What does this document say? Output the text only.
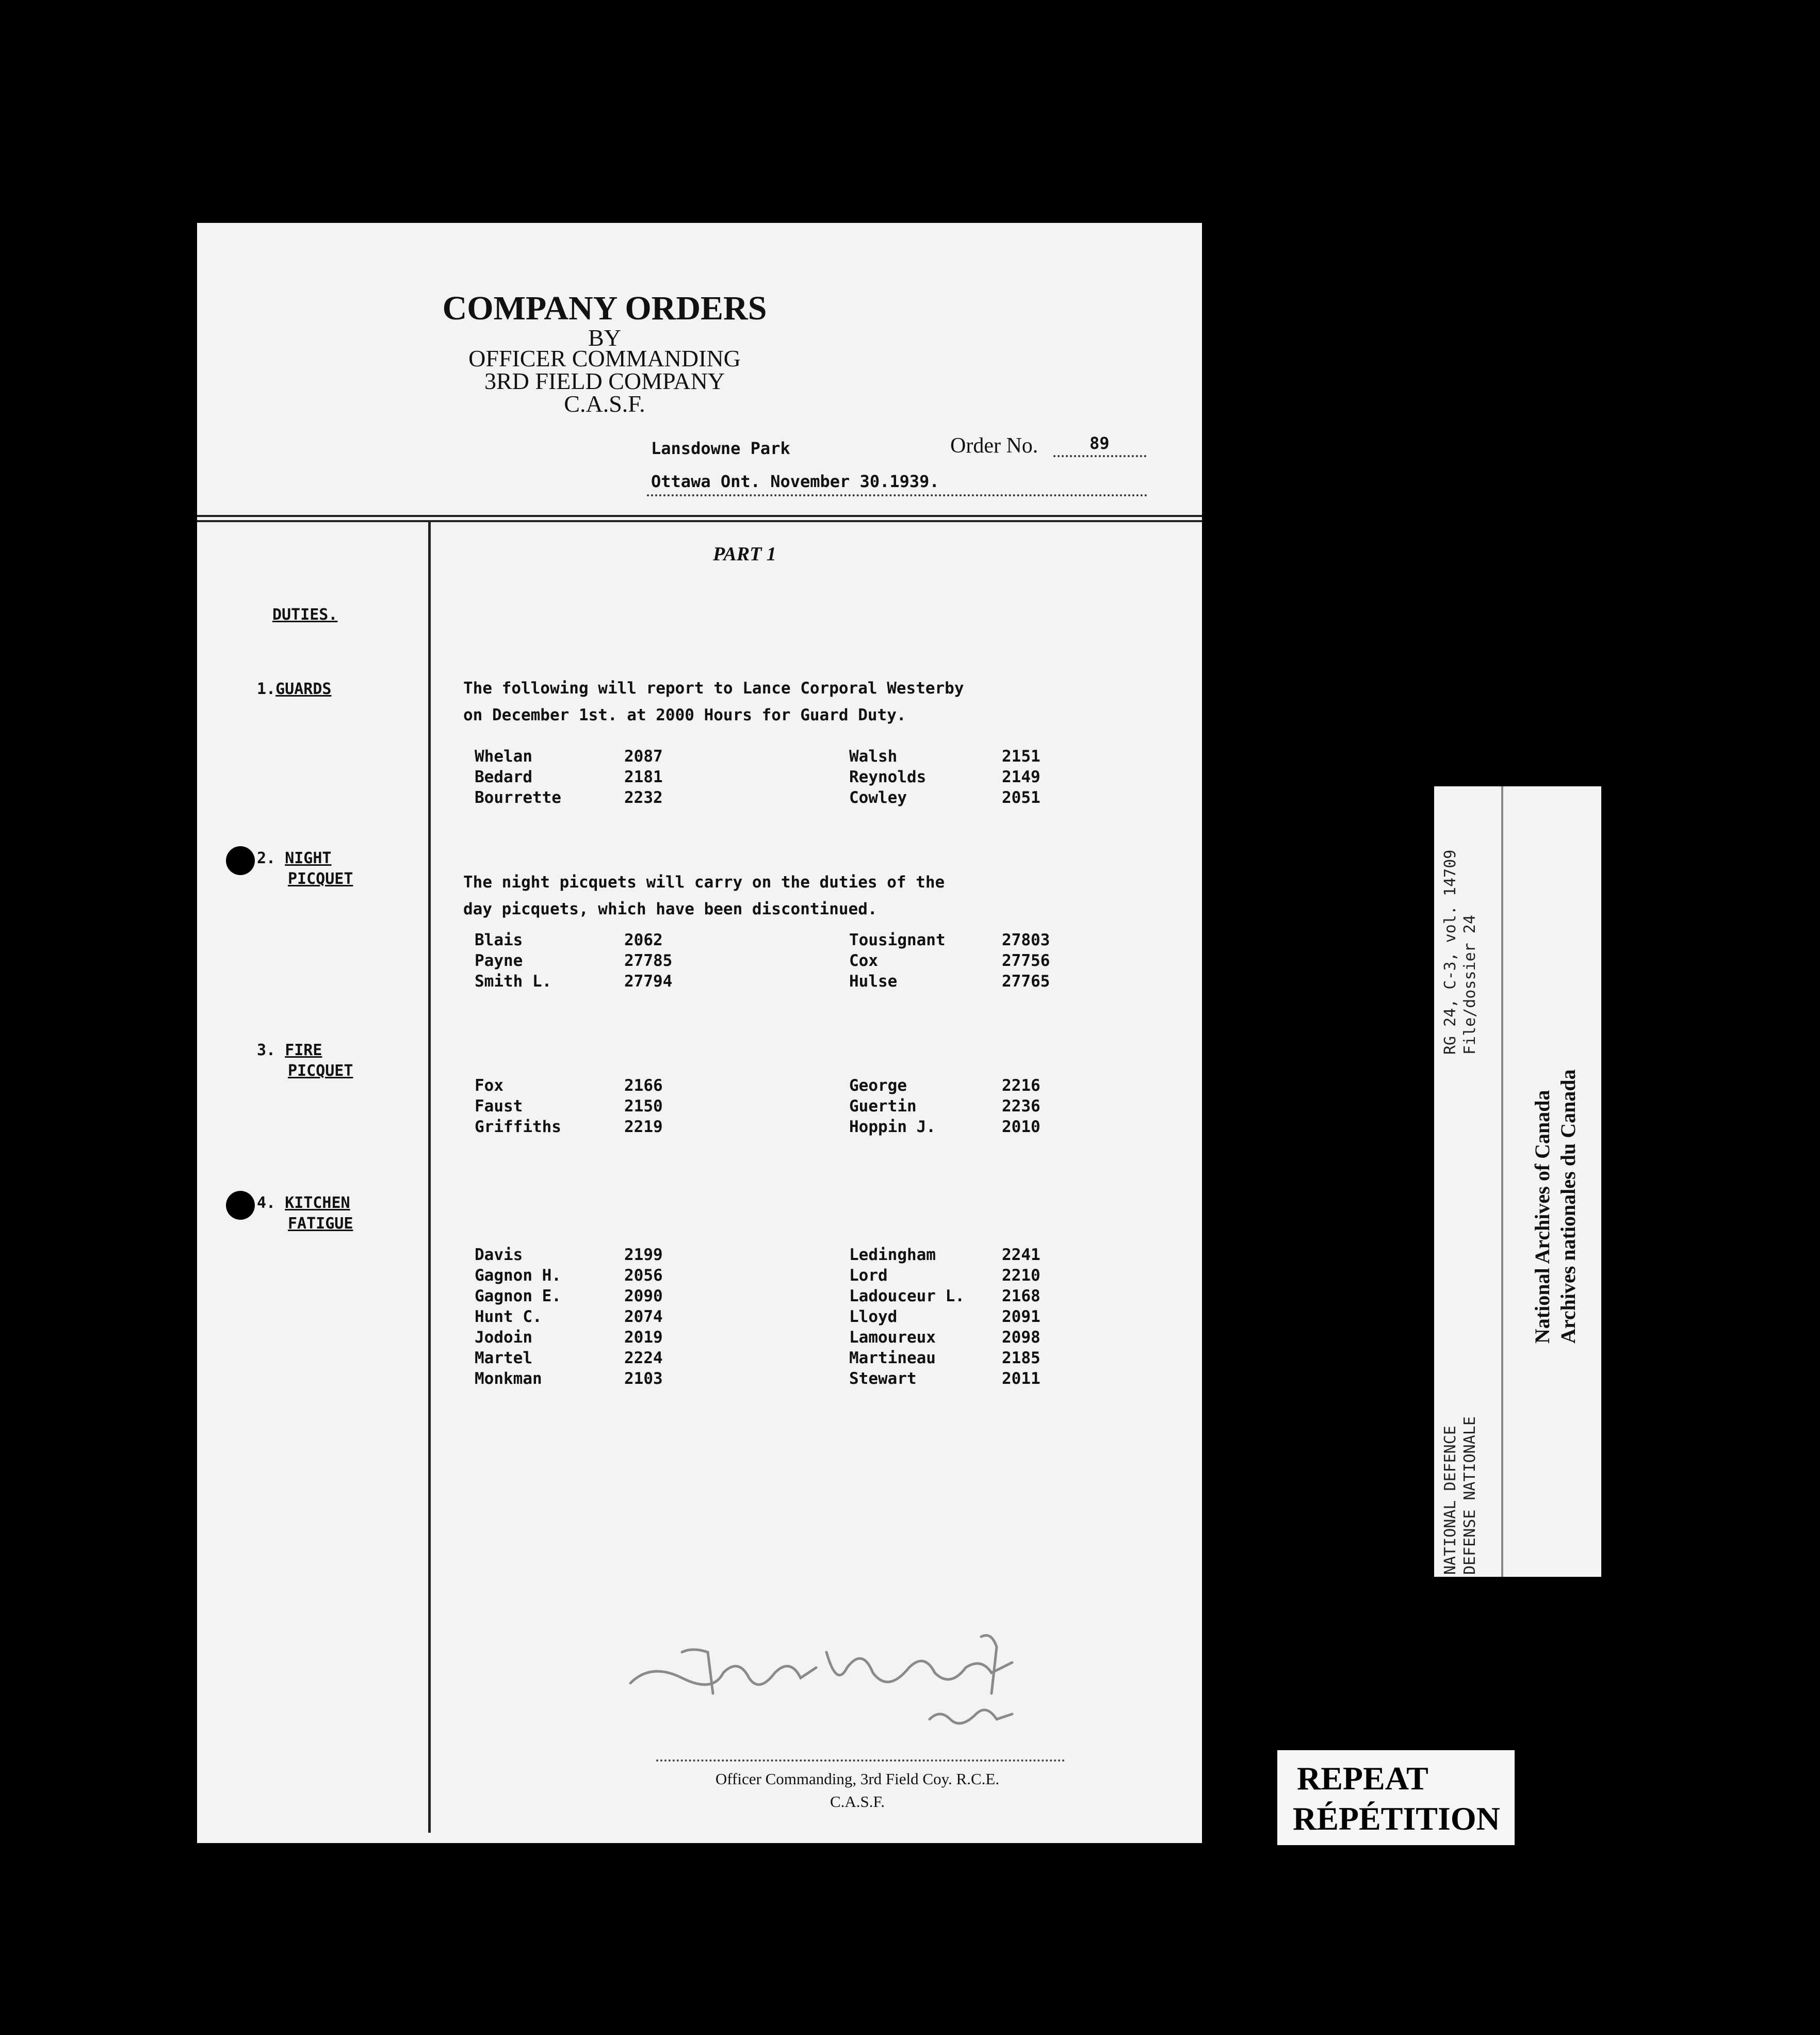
COMPANY ORDERS
BY
OFFICER COMMANDING
3RD FIELD COMPANY
C.A.S.F.
Lansdowne Park	Order No.	89
Ottawa Ont. November 30.1939.
PART 1
DUTIES.
1.GUARDS
2. NIGHT
PICQUET
3. FIRE
PICQUET
4. KITCHEN
FATIGUE
The following will report to Lance Corporal Westerby
on December 1st. at 2000 Hours for Guard Duty.
The night picquets will carry on the duties of the
day picquets, which have been discontinued.
Whelan	2087	Walsh	2151
Bedard	2181	Reynolds	2149
Bourrette	2232	Cowley	2051
Blais	2062	Tousignant	27803
Payne	27785	Cox	27756
Smith L.	27794	Hulse	27765
Fox	2166	George	2216
Faust	2150	Guertin	2236
Griffiths	2219	Hoppin J.	2010
Davis	2199	Ledingham	2241
Gagnon H.	2056	Lord	2210
Gagnon E.	2090	Ladouceur L. 2168
Hunt C.	2074	Lloyd	2091
Jodoin	2019	Lamoureux	2098
Martel	2224	Martineau	2185
Monkman	2103	Stewart	2011
Officer Commanding, 3rd Field Coy. R.C.E.
C.A.S.F.
RG 24, C-3, vol. 14709 File/dossier 24
NATIONAL DEFENCE DEFENSE NATIONALE
National Archives of Canada Archives nationales du Canada
REPEAT
RÉPÉTITION
